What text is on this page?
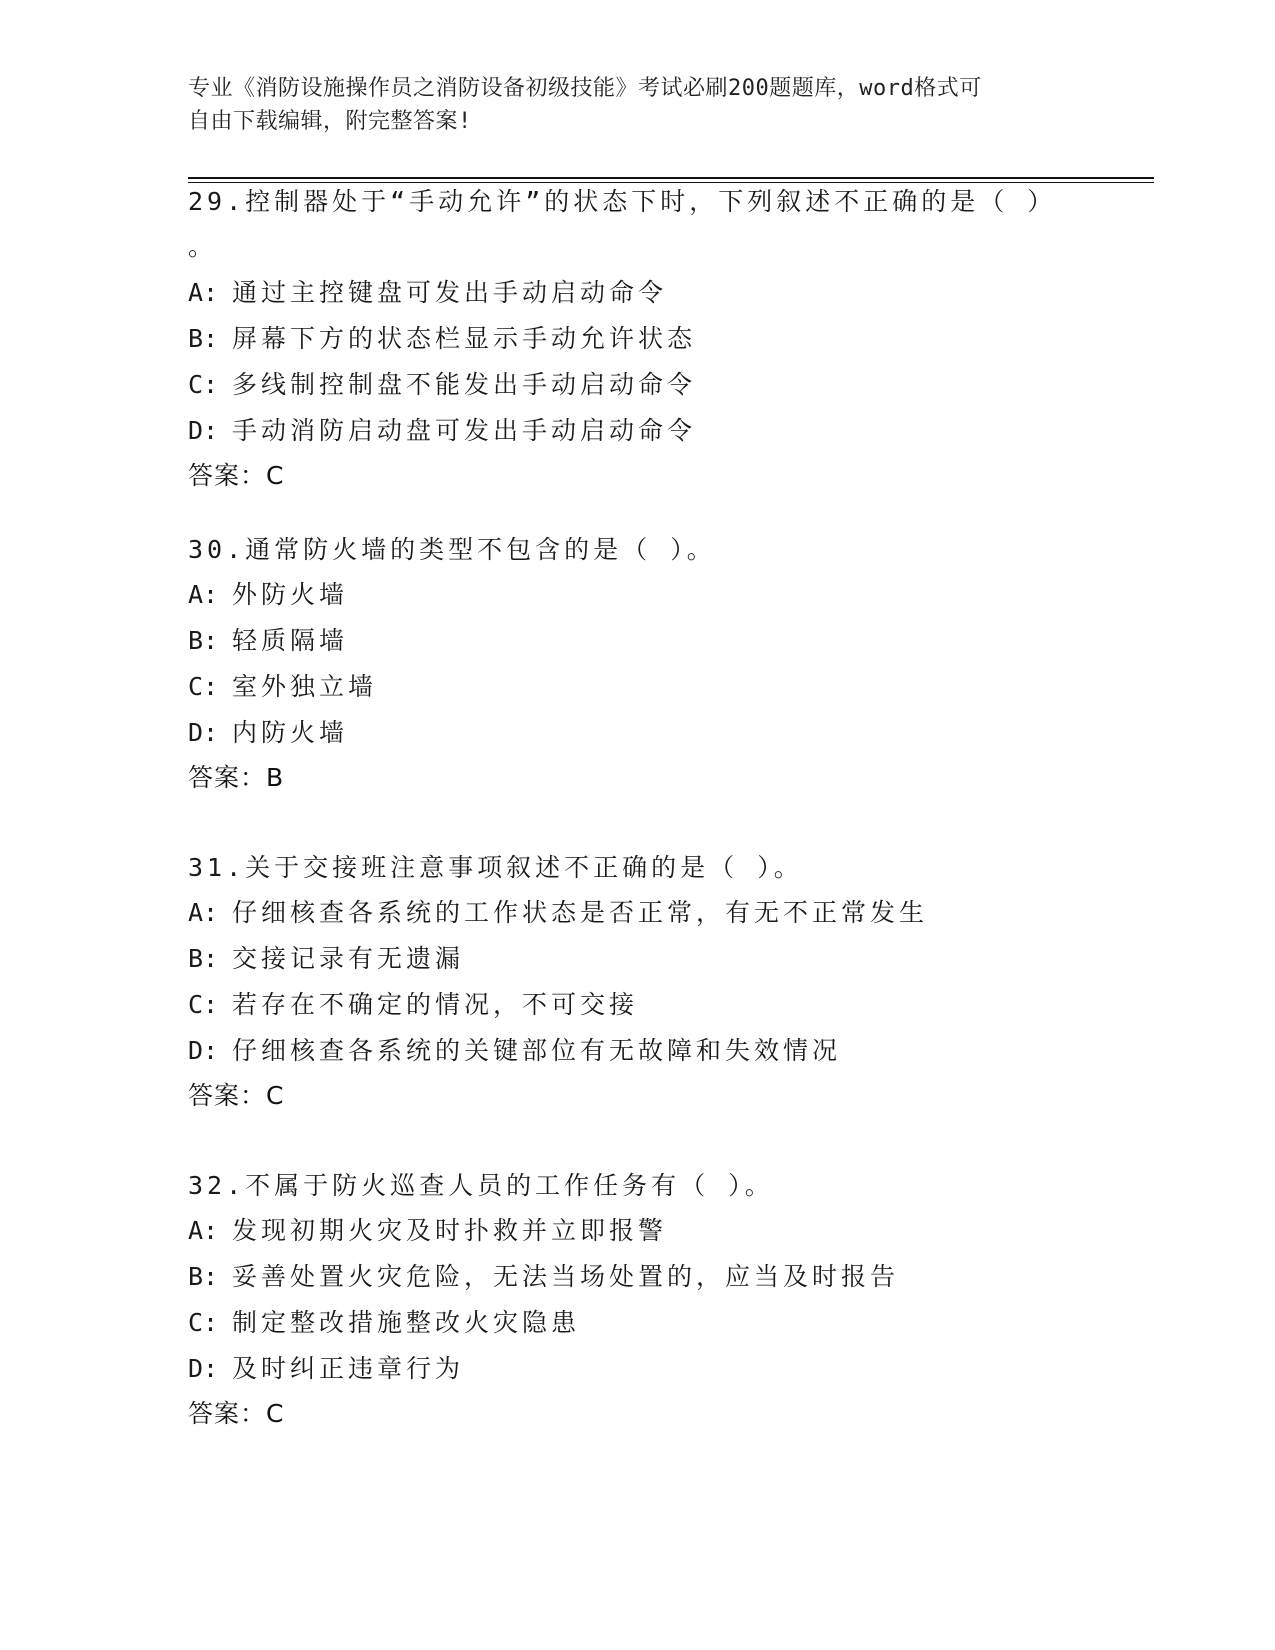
专业《消防设施操作员之消防设备初级技能》考试必刷200题题库，word格式可
自由下载编辑，附完整答案!
29.控制器处于“手动允许”的状态下时，下列叙述不正确的是（ ）
。
A: 通过主控键盘可发出手动启动命令
B: 屏幕下方的状态栏显示手动允许状态
C: 多线制控制盘不能发出手动启动命令
D: 手动消防启动盘可发出手动启动命令
答案：C
30.通常防火墙的类型不包含的是（ ）。
A: 外防火墙
B: 轻质隔墙
C: 室外独立墙
D: 内防火墙
答案：B
31.关于交接班注意事项叙述不正确的是（ ）。
A: 仔细核查各系统的工作状态是否正常，有无不正常发生
B: 交接记录有无遗漏
C: 若存在不确定的情况，不可交接
D: 仔细核查各系统的关键部位有无故障和失效情况
答案：C
32.不属于防火巡查人员的工作任务有（ ）。
A: 发现初期火灾及时扑救并立即报警
B: 妥善处置火灾危险，无法当场处置的，应当及时报告
C: 制定整改措施整改火灾隐患
D: 及时纠正违章行为
答案：C
